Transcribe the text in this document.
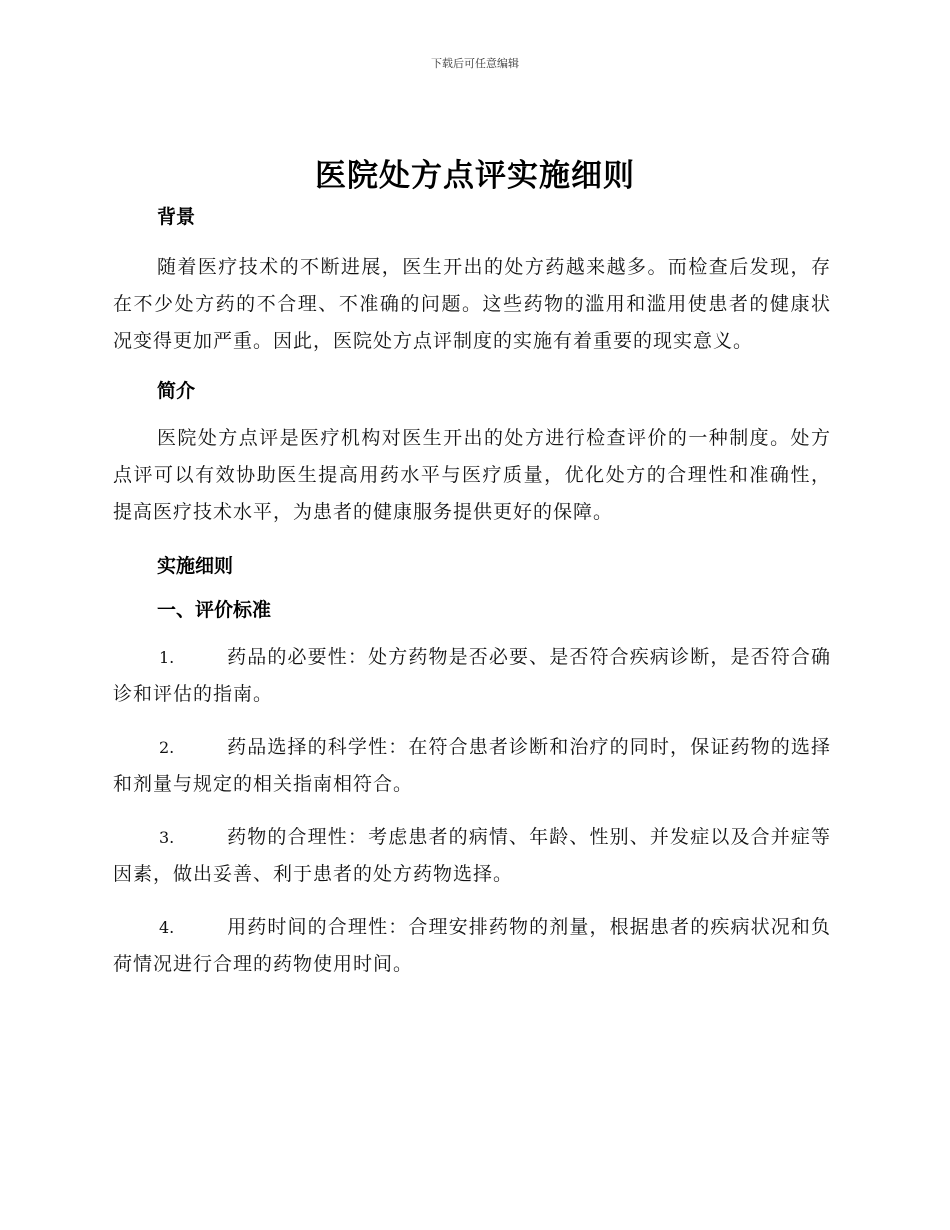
下载后可任意编辑
医院处方点评实施细则

背景

随着医疗技术的不断进展，医生开出的处方药越来越多。而检查后发现，存在不少处方药的不合理、不准确的问题。这些药物的滥用和滥用使患者的健康状况变得更加严重。因此，医院处方点评制度的实施有着重要的现实意义。

简介

医院处方点评是医疗机构对医生开出的处方进行检查评价的一种制度。处方点评可以有效协助医生提高用药水平与医疗质量，优化处方的合理性和准确性，提高医疗技术水平，为患者的健康服务提供更好的保障。

实施细则

一、评价标准

1.	药品的必要性：处方药物是否必要、是否符合疾病诊断，是否符合确诊和评估的指南。

2.	药品选择的科学性：在符合患者诊断和治疗的同时，保证药物的选择和剂量与规定的相关指南相符合。

3.	药物的合理性：考虑患者的病情、年龄、性别、并发症以及合并症等因素，做出妥善、利于患者的处方药物选择。

4.	用药时间的合理性：合理安排药物的剂量，根据患者的疾病状况和负荷情况进行合理的药物使用时间。
